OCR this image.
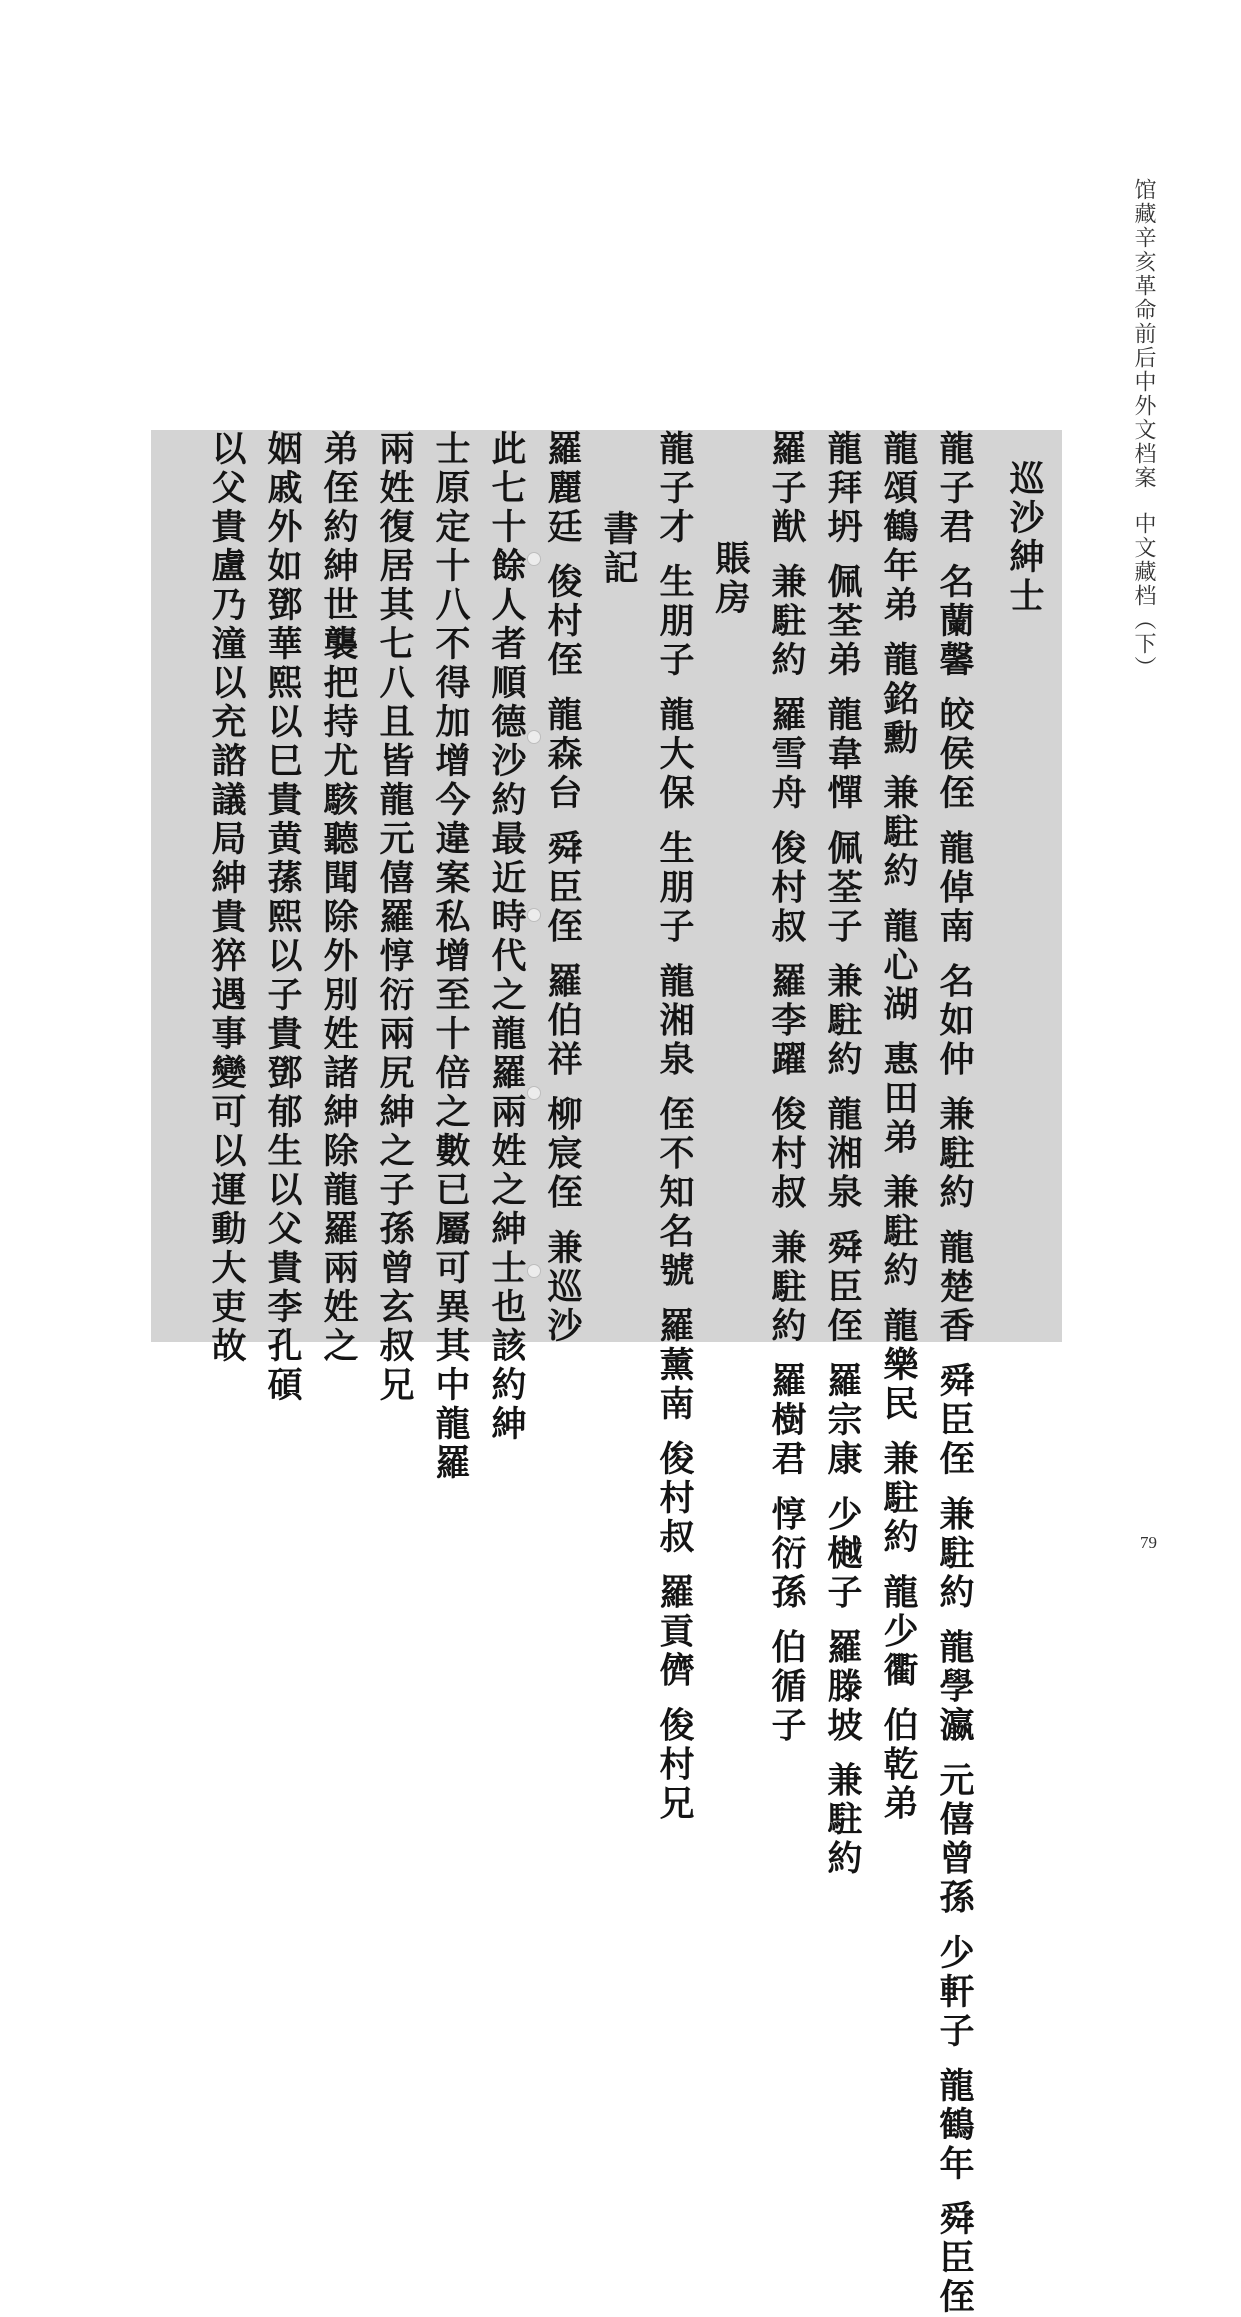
馆藏辛亥革命前后中外文档案中文藏档（下）
巡沙紳士
龍子君 名蘭馨 皎侯侄 龍倬南 名如仲 兼駐約 龍楚香 舜臣侄 兼駐約 龍學瀛 元僖曾孫 少軒子 龍鶴年 舜臣侄
龍頌鶴年弟 龍銘勳 兼駐約 龍心湖 惠田弟 兼駐約 龍樂民 兼駐約 龍少衢 伯乾弟
龍拜坍 佩荃弟 龍韋憚 佩荃子 兼駐約 龍湘泉 舜臣侄 羅宗康 少樾子 羅滕坡 兼駐約
羅子猷 兼駐約 羅雪舟 俊村叔 羅李躍 俊村叔 兼駐約 羅樹君 惇衍孫 伯循子
賬房
龍子才 生朋子 龍大保 生朋子 龍湘泉 侄不知名號 羅薰南 俊村叔 羅貢儕 俊村兄
書記
羅麗廷 俊村侄 龍森台 舜臣侄 羅伯祥 柳宸侄 兼巡沙
此七十餘人者順德沙約最近時代之龍羅兩姓之紳士也該約紳
士原定十八不得加增今違案私增至十倍之數已屬可異其中龍羅
兩姓復居其七八且皆龍元僖羅惇衍兩尻紳之子孫曾玄叔兄
弟侄約紳世襲把持尤駭聽聞除外別姓諸紳除龍羅兩姓之
姻戚外如鄧華熙以巳貴黄蓀熙以子貴鄧郁生以父貴李孔碩
以父貴盧乃潼以充諮議局紳貴猝遇事變可以運動大吏故
79
